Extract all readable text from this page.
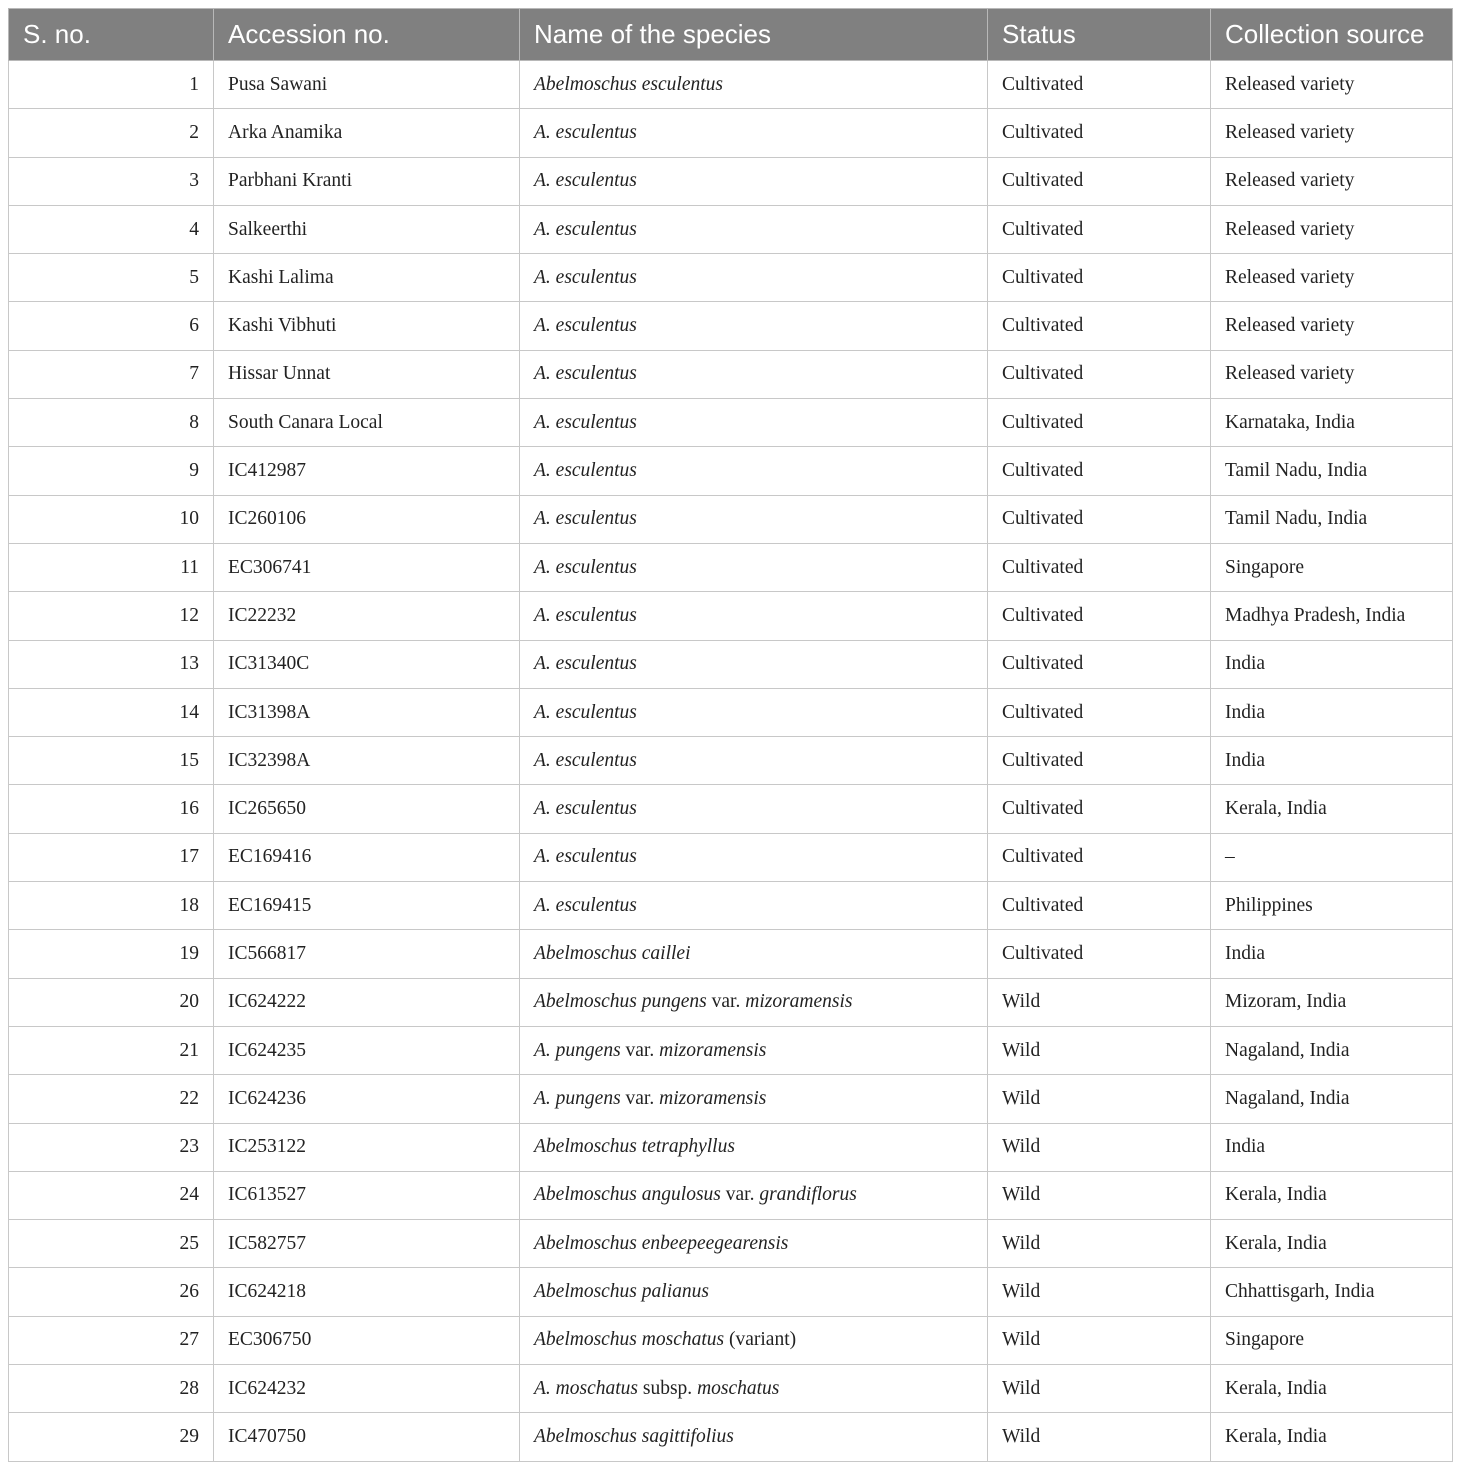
S. no.	Accession no.	Name of the species	Status	Collection source
1	Pusa Sawani	Abelmoschus esculentus	Cultivated	Released variety
2	Arka Anamika	A. esculentus	Cultivated	Released variety
3	Parbhani Kranti	A. esculentus	Cultivated	Released variety
4	Salkeerthi	A. esculentus	Cultivated	Released variety
5	Kashi Lalima	A. esculentus	Cultivated	Released variety
6	Kashi Vibhuti	A. esculentus	Cultivated	Released variety
7	Hissar Unnat	A. esculentus	Cultivated	Released variety
8	South Canara Local	A. esculentus	Cultivated	Karnataka, India
9	IC412987	A. esculentus	Cultivated	Tamil Nadu, India
10	IC260106	A. esculentus	Cultivated	Tamil Nadu, India
11	EC306741	A. esculentus	Cultivated	Singapore
12	IC22232	A. esculentus	Cultivated	Madhya Pradesh, India
13	IC31340C	A. esculentus	Cultivated	India
14	IC31398A	A. esculentus	Cultivated	India
15	IC32398A	A. esculentus	Cultivated	India
16	IC265650	A. esculentus	Cultivated	Kerala, India
17	EC169416	A. esculentus	Cultivated	–
18	EC169415	A. esculentus	Cultivated	Philippines
19	IC566817	Abelmoschus caillei	Cultivated	India
20	IC624222	Abelmoschus pungens var. mizoramensis	Wild	Mizoram, India
21	IC624235	A. pungens var. mizoramensis	Wild	Nagaland, India
22	IC624236	A. pungens var. mizoramensis	Wild	Nagaland, India
23	IC253122	Abelmoschus tetraphyllus	Wild	India
24	IC613527	Abelmoschus angulosus var. grandiflorus	Wild	Kerala, India
25	IC582757	Abelmoschus enbeepeegearensis	Wild	Kerala, India
26	IC624218	Abelmoschus palianus	Wild	Chhattisgarh, India
27	EC306750	Abelmoschus moschatus (variant)	Wild	Singapore
28	IC624232	A. moschatus subsp. moschatus	Wild	Kerala, India
29	IC470750	Abelmoschus sagittifolius	Wild	Kerala, India
